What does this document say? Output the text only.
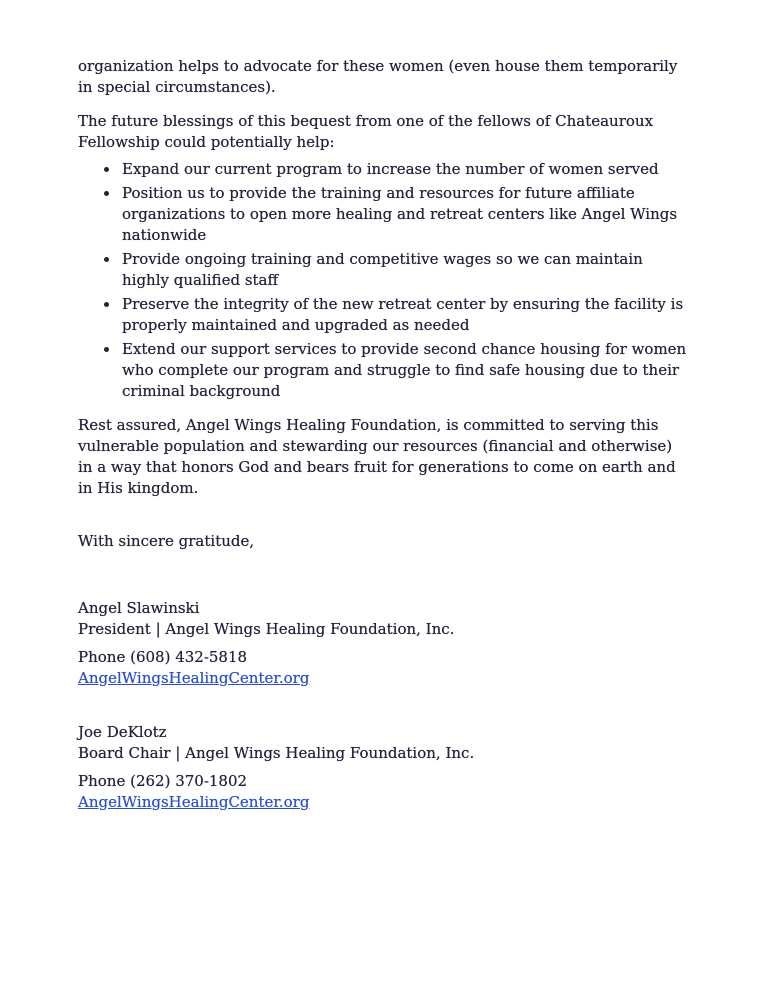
organization helps to advocate for these women (even house them temporarily in special circumstances).

The future blessings of this bequest from one of the fellows of Chateauroux Fellowship could potentially help:

• Expand our current program to increase the number of women served
• Position us to provide the training and resources for future affiliate organizations to open more healing and retreat centers like Angel Wings nationwide
• Provide ongoing training and competitive wages so we can maintain highly qualified staff
• Preserve the integrity of the new retreat center by ensuring the facility is properly maintained and upgraded as needed
• Extend our support services to provide second chance housing for women who complete our program and struggle to find safe housing due to their criminal background

Rest assured, Angel Wings Healing Foundation, is committed to serving this vulnerable population and stewarding our resources (financial and otherwise) in a way that honors God and bears fruit for generations to come on earth and in His kingdom.

With sincere gratitude,

Angel Slawinski

President | Angel Wings Healing Foundation, Inc.

Phone (608) 432-5818

AngelWingsHealingCenter.org

Joe DeKlotz

Board Chair | Angel Wings Healing Foundation, Inc.

Phone (262) 370-1802

AngelWingsHealingCenter.org
